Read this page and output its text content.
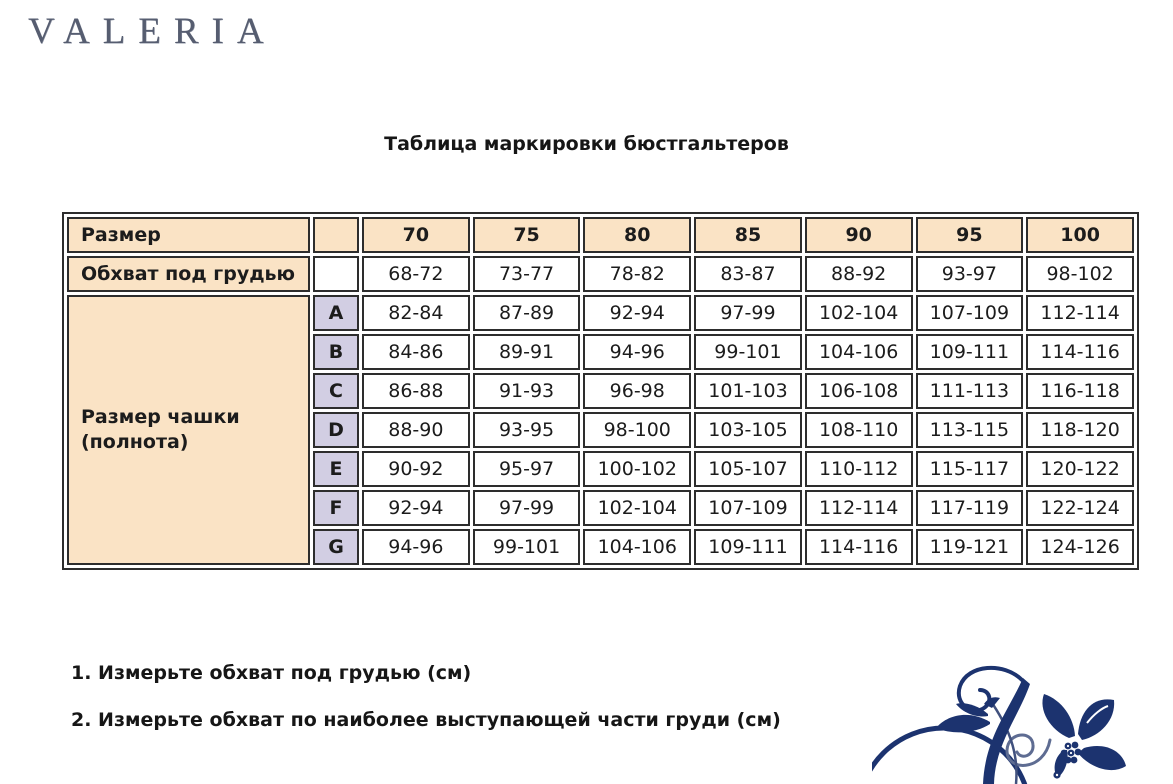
VALERIA
Таблица маркировки бюстгальтеров
Размер		70	75	80	85	90	95	100
Обхват под грудью		68-72	73-77	78-82	83-87	88-92	93-97	98-102

Размер чашки
(полнота)	A	82-84	87-89	92-94	97-99	102-104	107-109	112-114
	B	84-86	89-91	94-96	99-101	104-106	109-111	114-116
	C	86-88	91-93	96-98	101-103	106-108	111-113	116-118
	D	88-90	93-95	98-100	103-105	108-110	113-115	118-120
	E	90-92	95-97	100-102	105-107	110-112	115-117	120-122
	F	92-94	97-99	102-104	107-109	112-114	117-119	122-124
	G	94-96	99-101	104-106	109-111	114-116	119-121	124-126
1. Измерьте обхват под грудью (см)
2. Измерьте обхват по наиболее выступающей части груди (см)
